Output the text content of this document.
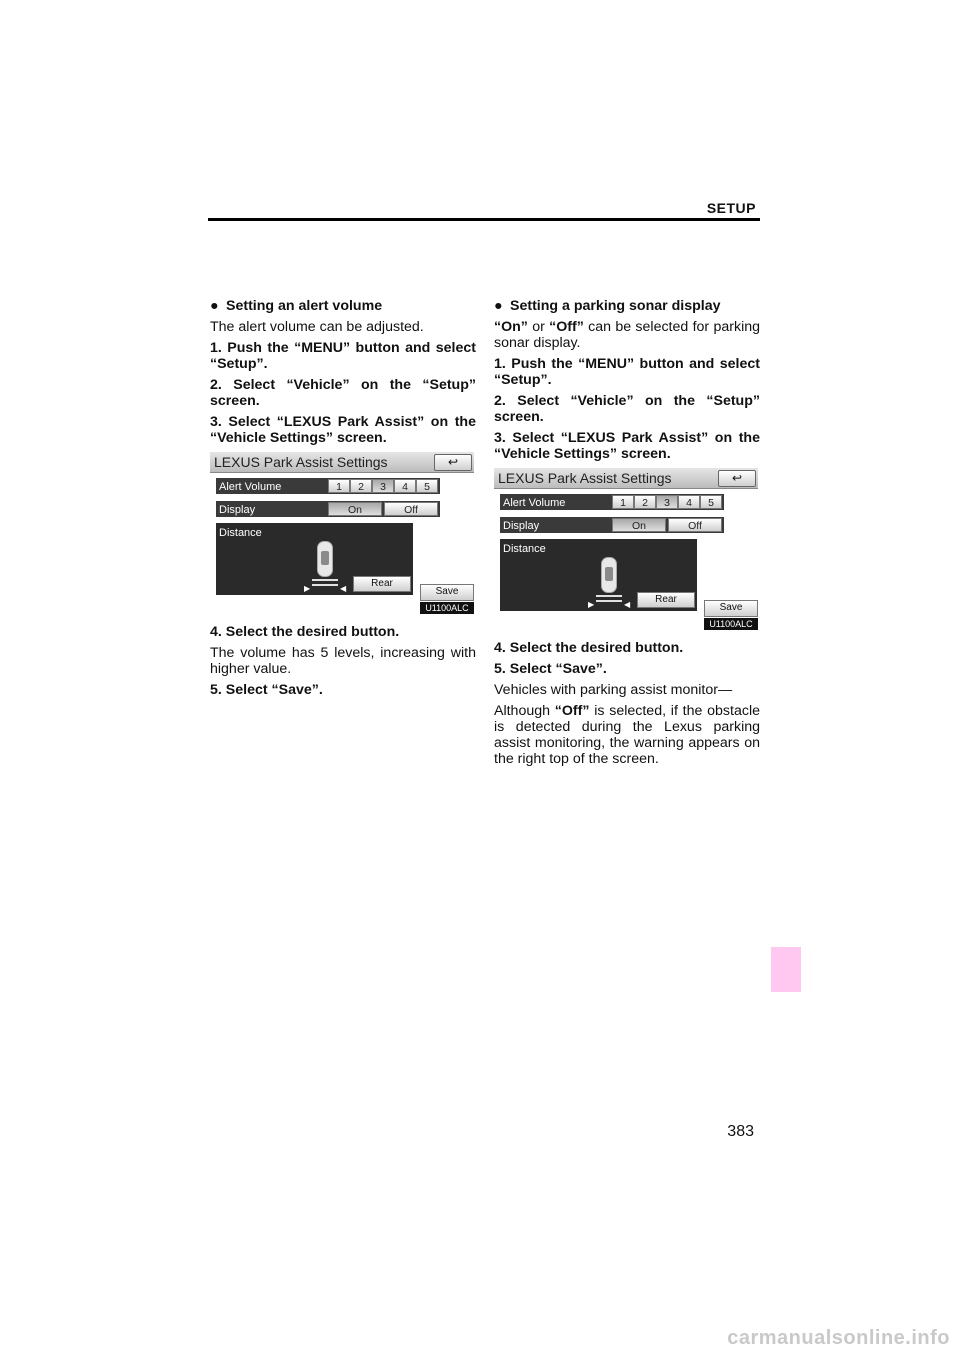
SETUP
● Setting an alert volume

The alert volume can be adjusted.

1. Push the “MENU” button and select “Setup”.

2. Select “Vehicle” on the “Setup” screen.

3. Select “LEXUS Park Assist” on the “Vehicle Settings” screen.

LEXUS Park Assist Settings	↩
Alert Volume	1	2	3	4	5
Display	On	Off
Distance
▶	◀	Rear
Save
U1100ALC

4. Select the desired button.

The volume has 5 levels, increasing with higher value.

5. Select “Save”.

● Setting a parking sonar display

“On” or “Off” can be selected for parking sonar display.

1. Push the “MENU” button and select “Setup”.

2. Select “Vehicle” on the “Setup” screen.

3. Select “LEXUS Park Assist” on the “Vehicle Settings” screen.

LEXUS Park Assist Settings	↩
Alert Volume	1	2	3	4	5
Display	On	Off
Distance
▶	◀	Rear
Save
U1100ALC

4. Select the desired button.

5. Select “Save”.

Vehicles with parking assist monitor—

Although “Off” is selected, if the obstacle is detected during the Lexus parking assist monitoring, the warning appears on the right top of the screen.

383
carmanualsonline.info
